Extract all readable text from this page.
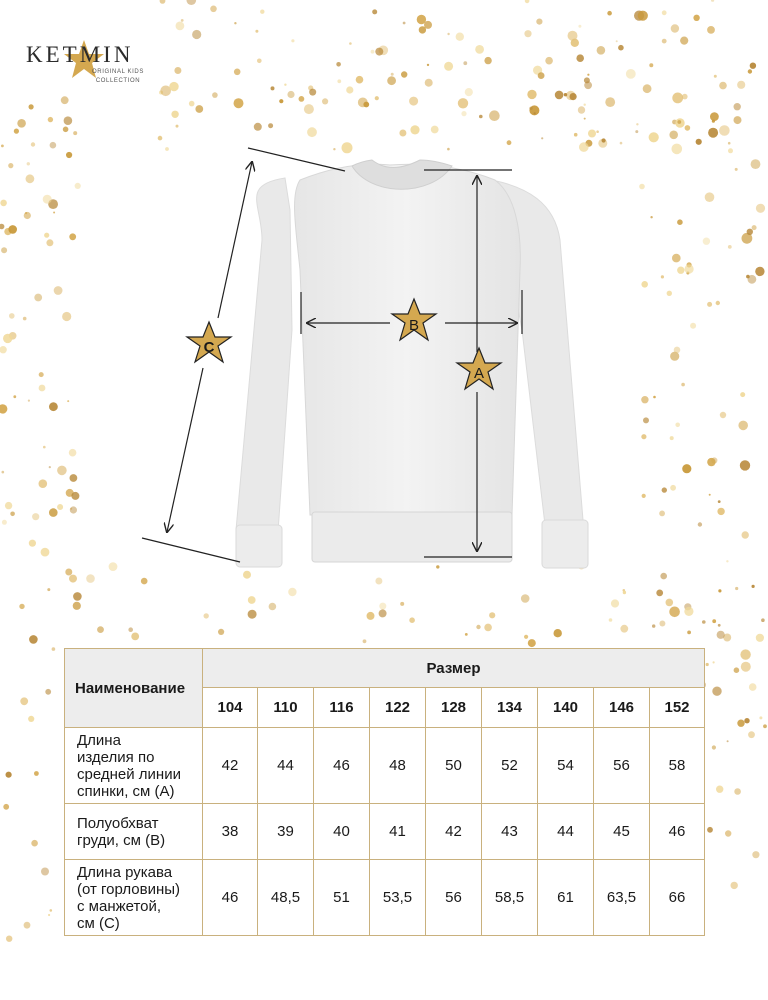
KETMIN
ORIGINAL KIDS
COLLECTION
C
B
A
Наименование	Размер								
	104	110	116	122	128	134	140	146	152

Длина
изделия по
средней линии
спинки, см (А)	42	44	46	48	50	52	54	56	58

Полуобхват
груди, см (В)	38	39	40	41	42	43	44	45	46

Длина рукава
(от горловины)
с манжетой,
см (С)	46	48,5	51	53,5	56	58,5	61	63,5	66
